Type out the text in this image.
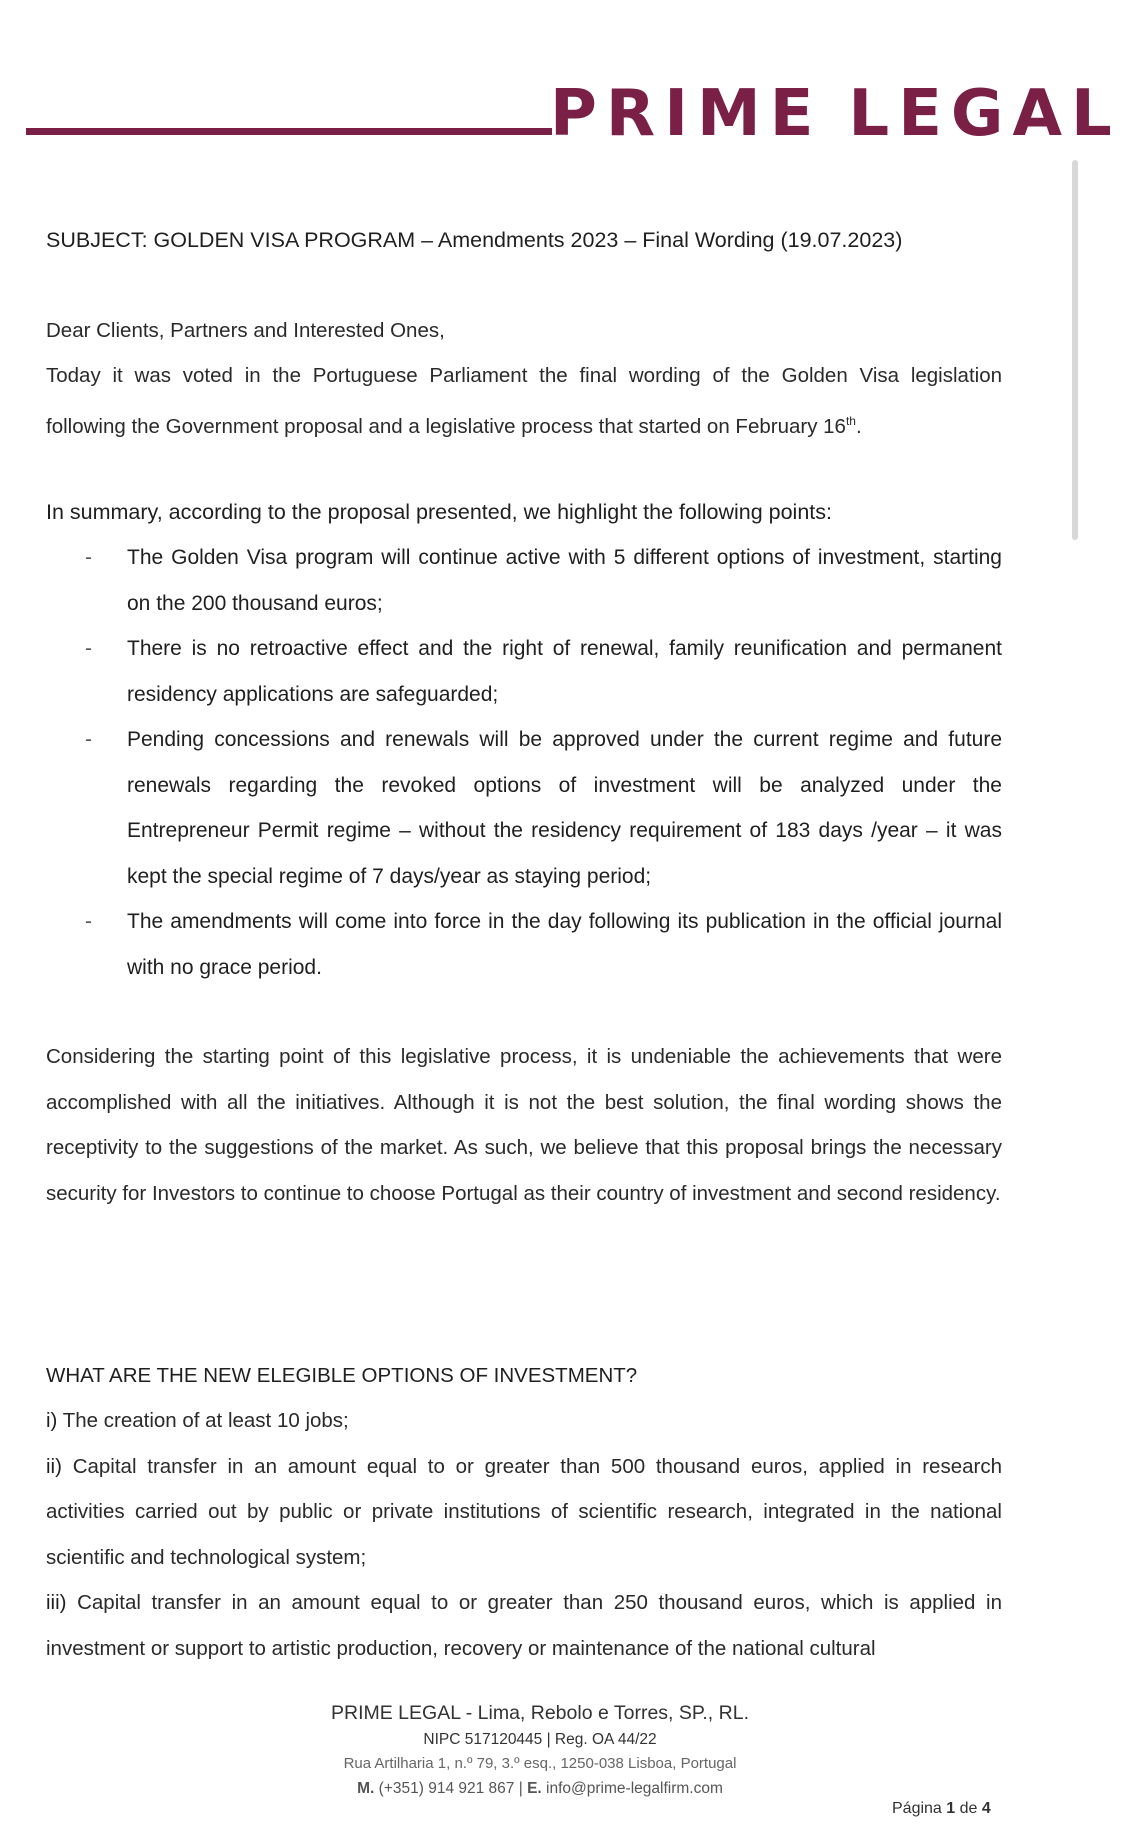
PRIME LEGAL
SUBJECT: GOLDEN VISA PROGRAM – Amendments 2023 – Final Wording (19.07.2023)
Dear Clients, Partners and Interested Ones,
Today it was voted in the Portuguese Parliament the final wording of the Golden Visa legislation
following the Government proposal and a legislative process that started on February 16th.
In summary, according to the proposal presented, we highlight the following points:
- The Golden Visa program will continue active with 5 different options of investment, starting on the 200 thousand euros;
- There is no retroactive effect and the right of renewal, family reunification and permanent residency applications are safeguarded;
- Pending concessions and renewals will be approved under the current regime and future renewals regarding the revoked options of investment will be analyzed under the Entrepreneur Permit regime – without the residency requirement of 183 days /year – it was kept the special regime of 7 days/year as staying period;
- The amendments will come into force in the day following its publication in the official journal with no grace period.
Considering the starting point of this legislative process, it is undeniable the achievements that were accomplished with all the initiatives. Although it is not the best solution, the final wording shows the receptivity to the suggestions of the market. As such, we believe that this proposal brings the necessary security for Investors to continue to choose Portugal as their country of investment and second residency.
WHAT ARE THE NEW ELEGIBLE OPTIONS OF INVESTMENT?
i) The creation of at least 10 jobs;
ii) Capital transfer in an amount equal to or greater than 500 thousand euros, applied in research activities carried out by public or private institutions of scientific research, integrated in the national scientific and technological system;
iii) Capital transfer in an amount equal to or greater than 250 thousand euros, which is applied in investment or support to artistic production, recovery or maintenance of the national cultural
PRIME LEGAL - Lima, Rebolo e Torres, SP., RL.
NIPC 517120445 | Reg. OA 44/22
Rua Artilharia 1, n.º 79, 3.º esq., 1250-038 Lisboa, Portugal
M. (+351) 914 921 867 | E. info@prime-legalfirm.com
Página 1 de 4
